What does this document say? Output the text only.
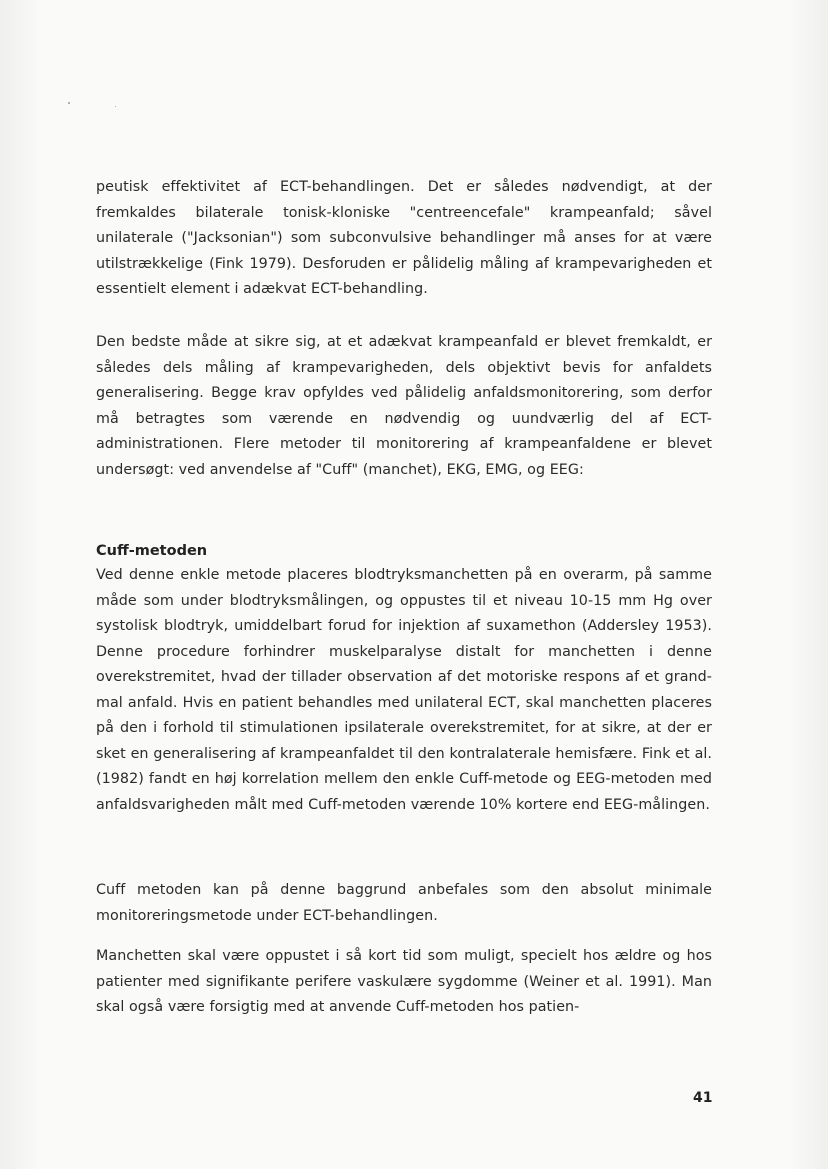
peutisk effektivitet af ECT-behandlingen. Det er således nødvendigt, at der fremkaldes bilaterale tonisk-kloniske "centreencefale" krampeanfald; såvel unilaterale ("Jacksonian") som subconvulsive behandlinger må anses for at være utilstrækkelige (Fink 1979). Desforuden er pålidelig måling af krampevarigheden et essentielt element i adækvat ECT-behandling.
Den bedste måde at sikre sig, at et adækvat krampeanfald er blevet fremkaldt, er således dels måling af krampevarigheden, dels objektivt bevis for anfaldets generalisering. Begge krav opfyldes ved pålidelig anfaldsmonitorering, som derfor må betragtes som værende en nødvendig og uundværlig del af ECT-administrationen. Flere metoder til monitorering af krampeanfaldene er blevet undersøgt: ved anvendelse af "Cuff" (manchet), EKG, EMG, og EEG:
Cuff-metoden
Ved denne enkle metode placeres blodtryksmanchetten på en overarm, på samme måde som under blodtryksmålingen, og oppustes til et niveau 10-15 mm Hg over systolisk blodtryk, umiddelbart forud for injektion af suxamethon (Addersley 1953). Denne procedure forhindrer muskelparalyse distalt for manchetten i denne overekstremitet, hvad der tillader observation af det motoriske respons af et grand-mal anfald. Hvis en patient behandles med unilateral ECT, skal manchetten placeres på den i forhold til stimulationen ipsilaterale overekstremitet, for at sikre, at der er sket en generalisering af krampeanfaldet til den kontralaterale hemisfære. Fink et al. (1982) fandt en høj korrelation mellem den enkle Cuff-metode og EEG-metoden med anfaldsvarigheden målt med Cuff-metoden værende 10% kortere end EEG-målingen.
Cuff metoden kan på denne baggrund anbefales som den absolut minimale monitoreringsmetode under ECT-behandlingen.
Manchetten skal være oppustet i så kort tid som muligt, specielt hos ældre og hos patienter med signifikante perifere vaskulære sygdomme (Weiner et al. 1991). Man skal også være forsigtig med at anvende Cuff-metoden hos patien-
41
